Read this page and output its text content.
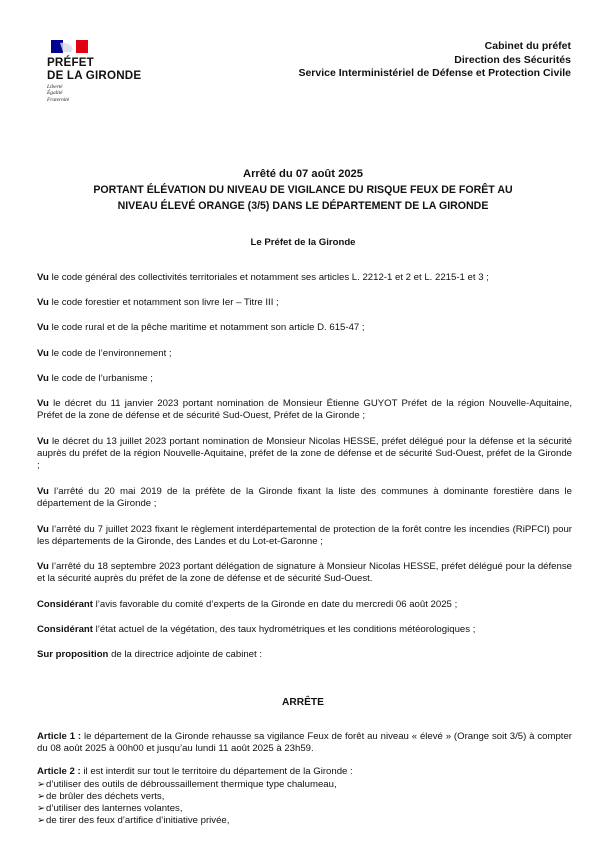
PRÉFET
DE LA GIRONDE
Liberté
Égalité
Fraternité
Cabinet du préfet
Direction des Sécurités
Service Interministériel de Défense et Protection Civile
Arrêté du 07 août 2025
PORTANT ÉLÉVATION DU NIVEAU DE VIGILANCE DU RISQUE FEUX DE FORÊT AU
NIVEAU ÉLEVÉ ORANGE (3/5) DANS LE DÉPARTEMENT DE LA GIRONDE
Le Préfet de la Gironde

Vu le code général des collectivités territoriales et notamment ses articles L. 2212-1 et 2 et L. 2215-1 et 3 ;

Vu le code forestier et notamment son livre Ier – Titre III ;

Vu le code rural et de la pêche maritime et notamment son article D. 615-47 ;

Vu le code de l’environnement ;

Vu le code de l’urbanisme ;

Vu le décret du 11 janvier 2023 portant nomination de Monsieur Étienne GUYOT Préfet de la région Nouvelle-Aquitaine, Préfet de la zone de défense et de sécurité Sud-Ouest, Préfet de la Gironde ;

Vu le décret du 13 juillet 2023 portant nomination de Monsieur Nicolas HESSE, préfet délégué pour la défense et la sécurité auprès du préfet de la région Nouvelle-Aquitaine, préfet de la zone de défense et de sécurité Sud-Ouest, préfet de la Gironde ;

Vu l’arrêté du 20 mai 2019 de la préfète de la Gironde fixant la liste des communes à dominante forestière dans le département de la Gironde ;

Vu l’arrêté du 7 juillet 2023 fixant le règlement interdépartemental de protection de la forêt contre les incendies (RiPFCI) pour les départements de la Gironde, des Landes et du Lot-et-Garonne ;

Vu l’arrêté du 18 septembre 2023 portant délégation de signature à Monsieur Nicolas HESSE, préfet délégué pour la défense et la sécurité auprès du préfet de la zone de défense et de sécurité Sud-Ouest.

Considérant l’avis favorable du comité d’experts de la Gironde en date du mercredi 06 août 2025 ;

Considérant l’état actuel de la végétation, des taux hydrométriques et les conditions météorologiques ;

Sur proposition de la directrice adjointe de cabinet :

ARRÊTE

Article 1 : le département de la Gironde rehausse sa vigilance Feux de forêt au niveau « élevé » (Orange soit 3/5) à compter du 08 août 2025 à 00h00 et jusqu’au lundi 11 août 2025 à 23h59.

Article 2 : il est interdit sur tout le territoire du département de la Gironde :

➢d’utiliser des outils de débroussaillement thermique type chalumeau,
➢de brûler des déchets verts,
➢d’utiliser des lanternes volantes,
➢de tirer des feux d’artifice d’initiative privée,
